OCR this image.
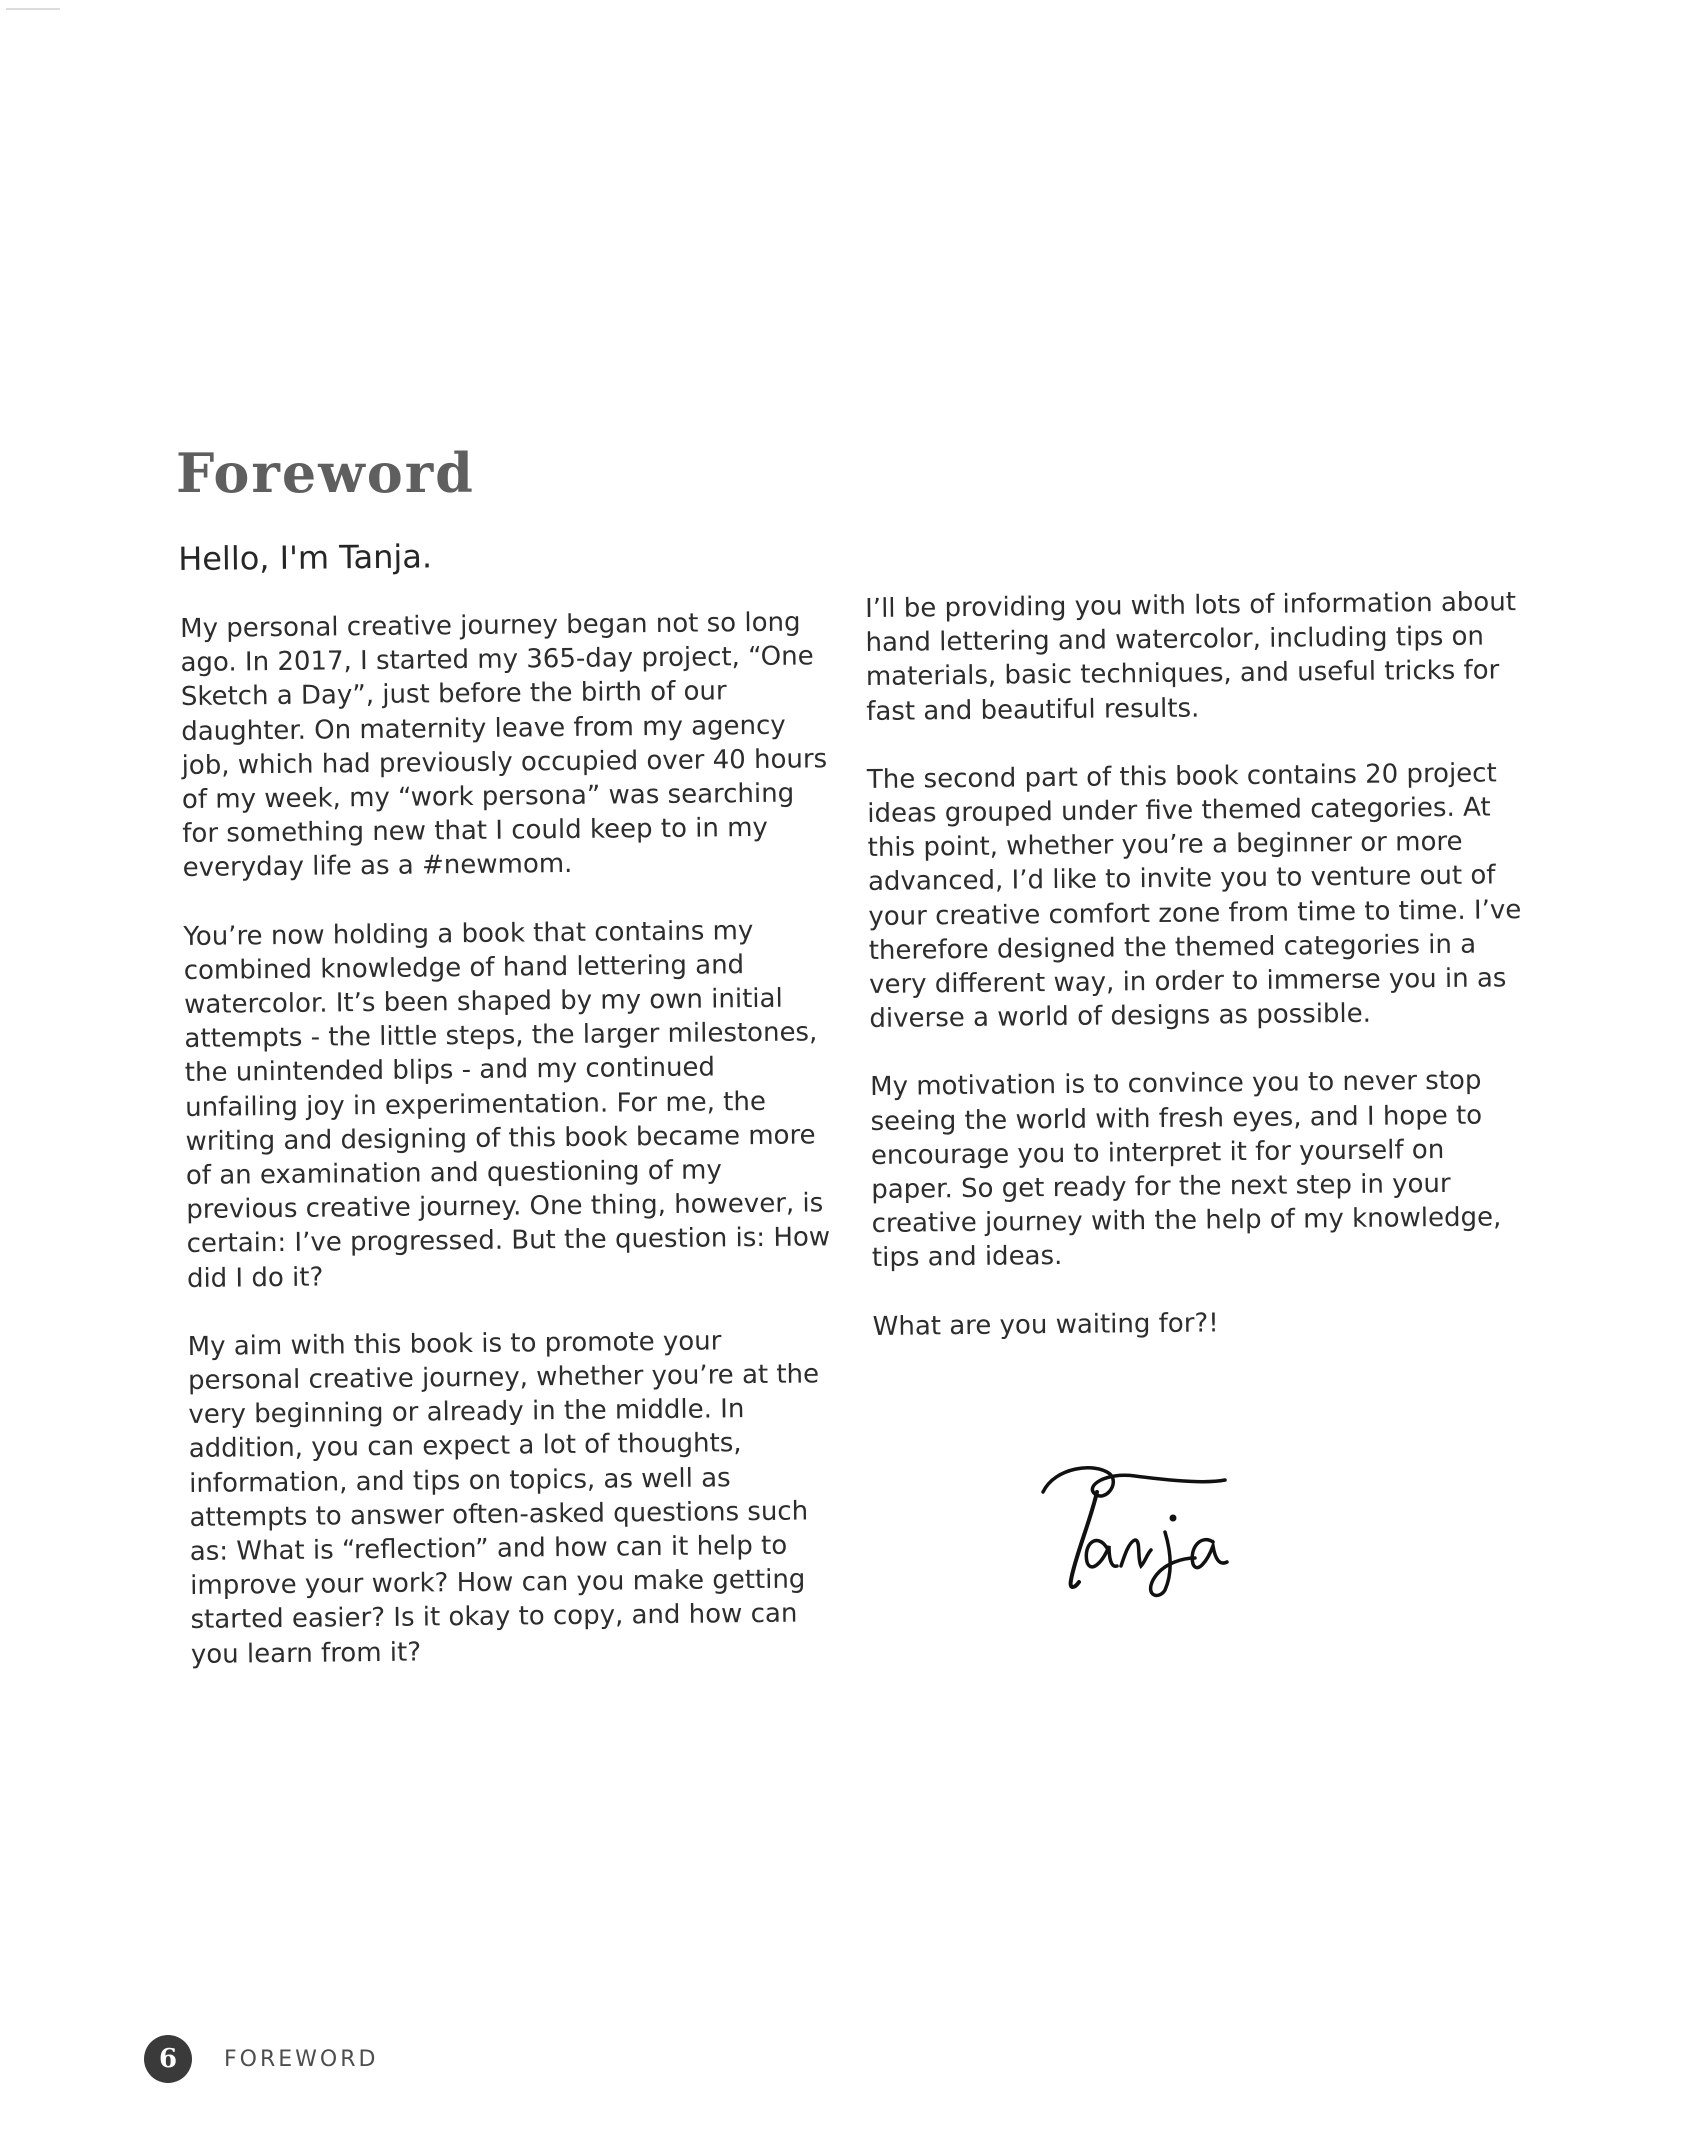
Foreword
Hello, I'm Tanja.

My personal creative journey began not so long ago. In 2017, I started my 365-day project, “One Sketch a Day”, just before the birth of our daughter. On maternity leave from my agency job, which had previously occupied over 40 hours of my week, my “work persona” was searching for something new that I could keep to in my everyday life as a #newmom.

You’re now holding a book that contains my combined knowledge of hand lettering and watercolor. It’s been shaped by my own initial attempts - the little steps, the larger milestones, the unintended blips - and my continued unfailing joy in experimentation. For me, the writing and designing of this book became more of an examination and questioning of my previous creative journey. One thing, however, is certain: I’ve progressed. But the question is: How did I do it?

My aim with this book is to promote your personal creative journey, whether you’re at the very beginning or already in the middle. In addition, you can expect a lot of thoughts, information, and tips on topics, as well as attempts to answer often-asked questions such as: What is “reflection” and how can it help to improve your work? How can you make getting started easier? Is it okay to copy, and how can you learn from it?

I’ll be providing you with lots of information about hand lettering and watercolor, including tips on materials, basic techniques, and useful tricks for fast and beautiful results.

The second part of this book contains 20 project ideas grouped under five themed categories. At this point, whether you’re a beginner or more advanced, I’d like to invite you to venture out of your creative comfort zone from time to time. I’ve therefore designed the themed categories in a very different way, in order to immerse you in as diverse a world of designs as possible.

My motivation is to convince you to never stop seeing the world with fresh eyes, and I hope to encourage you to interpret it for yourself on paper. So get ready for the next step in your creative journey with the help of my knowledge, tips and ideas.

What are you waiting for?!

6	FOREWORD
